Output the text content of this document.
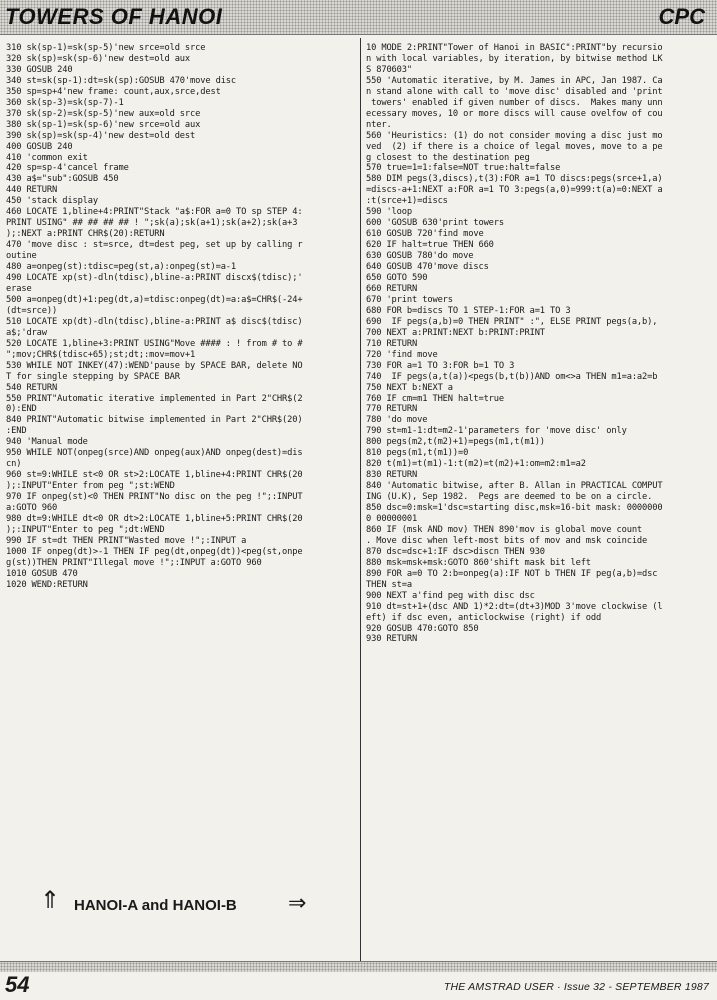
TOWERS OF HANOI	CPC
310 sk(sp-1)=sk(sp-5)'new srce=old srce
320 sk(sp)=sk(sp-6)'new dest=old aux
330 GOSUB 240
340 st=sk(sp-1):dt=sk(sp):GOSUB 470'move disc
350 sp=sp+4'new frame: count,aux,srce,dest
360 sk(sp-3)=sk(sp-7)-1
370 sk(sp-2)=sk(sp-5)'new aux=old srce
380 sk(sp-1)=sk(sp-6)'new srce=old aux
390 sk(sp)=sk(sp-4)'new dest=old dest
400 GOSUB 240
410 'common exit
420 sp=sp-4'cancel frame
430 a$="sub":GOSUB 450
440 RETURN
450 'stack display
460 LOCATE 1,bline+4:PRINT"Stack "a$:FOR a=0 TO sp STEP 4:
PRINT USING" ## ## ## ## ! ";sk(a);sk(a+1);sk(a+2);sk(a+3
);:NEXT a:PRINT CHR$(20):RETURN
470 'move disc : st=srce, dt=dest peg, set up by calling r
outine
480 a=onpeg(st):tdisc=peg(st,a):onpeg(st)=a-1
490 LOCATE xp(st)-dln(tdisc),bline-a:PRINT discx$(tdisc);'
erase
500 a=onpeg(dt)+1:peg(dt,a)=tdisc:onpeg(dt)=a:a$=CHR$(-24+
(dt=srce))
510 LOCATE xp(dt)-dln(tdisc),bline-a:PRINT a$ disc$(tdisc)
a$;'draw
520 LOCATE 1,bline+3:PRINT USING"Move #### : ! from # to #
";mov;CHR$(tdisc+65);st;dt;:mov=mov+1
530 WHILE NOT INKEY(47):WEND'pause by SPACE BAR, delete NO
T for single stepping by SPACE BAR
540 RETURN
550 PRINT"Automatic iterative implemented in Part 2"CHR$(2
0):END
840 PRINT"Automatic bitwise implemented in Part 2"CHR$(20)
:END
940 'Manual mode
950 WHILE NOT(onpeg(srce)AND onpeg(aux)AND onpeg(dest)=dis
cn)
960 st=9:WHILE st<0 OR st>2:LOCATE 1,bline+4:PRINT CHR$(20
);:INPUT"Enter from peg ";st:WEND
970 IF onpeg(st)<0 THEN PRINT"No disc on the peg !";:INPUT
a:GOTO 960
980 dt=9:WHILE dt<0 OR dt>2:LOCATE 1,bline+5:PRINT CHR$(20
);:INPUT"Enter to peg ";dt:WEND
990 IF st=dt THEN PRINT"Wasted move !";:INPUT a
1000 IF onpeg(dt)>-1 THEN IF peg(dt,onpeg(dt))<peg(st,onpe
g(st))THEN PRINT"Illegal move !";:INPUT a:GOTO 960
1010 GOSUB 470
1020 WEND:RETURN
10 MODE 2:PRINT"Tower of Hanoi in BASIC":PRINT"by recursio
n with local variables, by iteration, by bitwise method LK
S 870603"
550 'Automatic iterative, by M. James in APC, Jan 1987. Ca
n stand alone with call to 'move disc' disabled and 'print
towers' enabled if given number of discs.  Makes many unn
ecessary moves, 10 or more discs will cause ovelfow of cou
nter.
560 'Heuristics: (1) do not consider moving a disc just mo
ved  (2) if there is a choice of legal moves, move to a pe
g closest to the destination peg
570 true=1=1:false=NOT true:halt=false
580 DIM pegs(3,discs),t(3):FOR a=1 TO discs:pegs(srce+1,a)
=discs-a+1:NEXT a:FOR a=1 TO 3:pegs(a,0)=999:t(a)=0:NEXT a
:t(srce+1)=discs
590 'loop
600 'GOSUB 630'print towers
610 GOSUB 720'find move
620 IF halt=true THEN 660
630 GOSUB 780'do move
640 GOSUB 470'move discs
650 GOTO 590
660 RETURN
670 'print towers
680 FOR b=discs TO 1 STEP-1:FOR a=1 TO 3
690  IF pegs(a,b)=0 THEN PRINT" :", ELSE PRINT pegs(a,b),
700 NEXT a:PRINT:NEXT b:PRINT:PRINT
710 RETURN
720 'find move
730 FOR a=1 TO 3:FOR b=1 TO 3
740  IF pegs(a,t(a))<pegs(b,t(b))AND om<>a THEN m1=a:a2=b
750 NEXT b:NEXT a
760 IF cm=m1 THEN halt=true
770 RETURN
780 'do move
790 st=m1-1:dt=m2-1'parameters for 'move disc' only
800 pegs(m2,t(m2)+1)=pegs(m1,t(m1))
810 pegs(m1,t(m1))=0
820 t(m1)=t(m1)-1:t(m2)=t(m2)+1:om=m2:m1=a2
830 RETURN
840 'Automatic bitwise, after B. Allan in PRACTICAL COMPUT
ING (U.K), Sep 1982.  Pegs are deemed to be on a circle.
850 dsc=0:msk=1'dsc=starting disc,msk=16-bit mask: 0000000
0 00000001
860 IF (msk AND mov) THEN 890'mov is global move count
. Move disc when left-most bits of mov and msk coincide
870 dsc=dsc+1:IF dsc>discn THEN 930
880 msk=msk+msk:GOTO 860'shift mask bit left
890 FOR a=0 TO 2:b=onpeg(a):IF NOT b THEN IF peg(a,b)=dsc
THEN st=a
900 NEXT a'find peg with disc dsc
910 dt=st+1+(dsc AND 1)*2:dt=(dt+3)MOD 3'move clockwise (l
eft) if dsc even, anticlockwise (right) if odd
920 GOSUB 470:GOTO 850
930 RETURN
⇑ HANOI-A and HANOI-B ⇒
54	THE AMSTRAD USER · Issue 32 - SEPTEMBER 1987
